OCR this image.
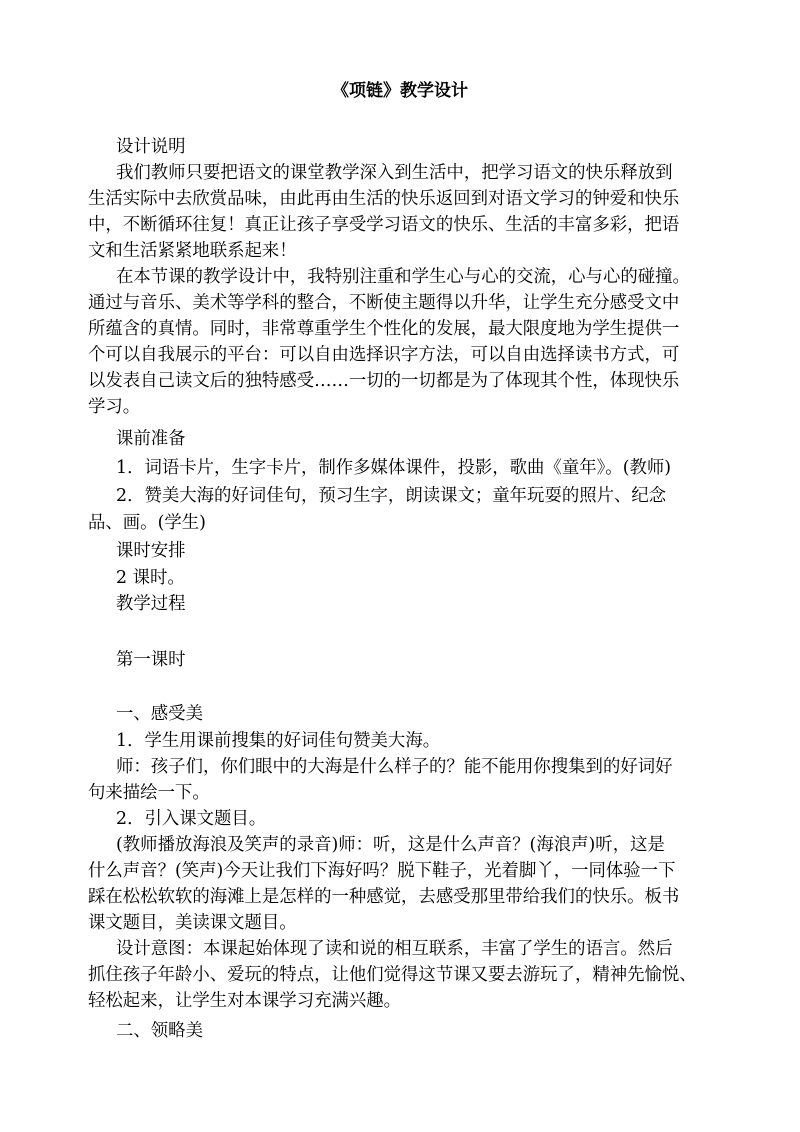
《项链》教学设计
设计说明
我们教师只要把语文的课堂教学深入到生活中，把学习语文的快乐释放到
生活实际中去欣赏品味，由此再由生活的快乐返回到对语文学习的钟爱和快乐
中，不断循环往复！真正让孩子享受学习语文的快乐、生活的丰富多彩，把语
文和生活紧紧地联系起来！
在本节课的教学设计中，我特别注重和学生心与心的交流，心与心的碰撞。
通过与音乐、美术等学科的整合，不断使主题得以升华，让学生充分感受文中
所蕴含的真情。同时，非常尊重学生个性化的发展，最大限度地为学生提供一
个可以自我展示的平台：可以自由选择识字方法，可以自由选择读书方式，可
以发表自己读文后的独特感受……一切的一切都是为了体现其个性，体现快乐
学习。
课前准备
1．词语卡片，生字卡片，制作多媒体课件，投影，歌曲《童年》。(教师)
2．赞美大海的好词佳句，预习生字，朗读课文；童年玩耍的照片、纪念
品、画。(学生)
课时安排
2 课时。
教学过程
第一课时
一、感受美
1．学生用课前搜集的好词佳句赞美大海。
师：孩子们，你们眼中的大海是什么样子的？能不能用你搜集到的好词好
句来描绘一下。
2．引入课文题目。
(教师播放海浪及笑声的录音)师：听，这是什么声音？(海浪声)听，这是
什么声音？(笑声)今天让我们下海好吗？脱下鞋子，光着脚丫，一同体验一下
踩在松松软软的海滩上是怎样的一种感觉，去感受那里带给我们的快乐。板书
课文题目，美读课文题目。
设计意图：本课起始体现了读和说的相互联系，丰富了学生的语言。然后
抓住孩子年龄小、爱玩的特点，让他们觉得这节课又要去游玩了，精神先愉悦、
轻松起来，让学生对本课学习充满兴趣。
二、领略美
